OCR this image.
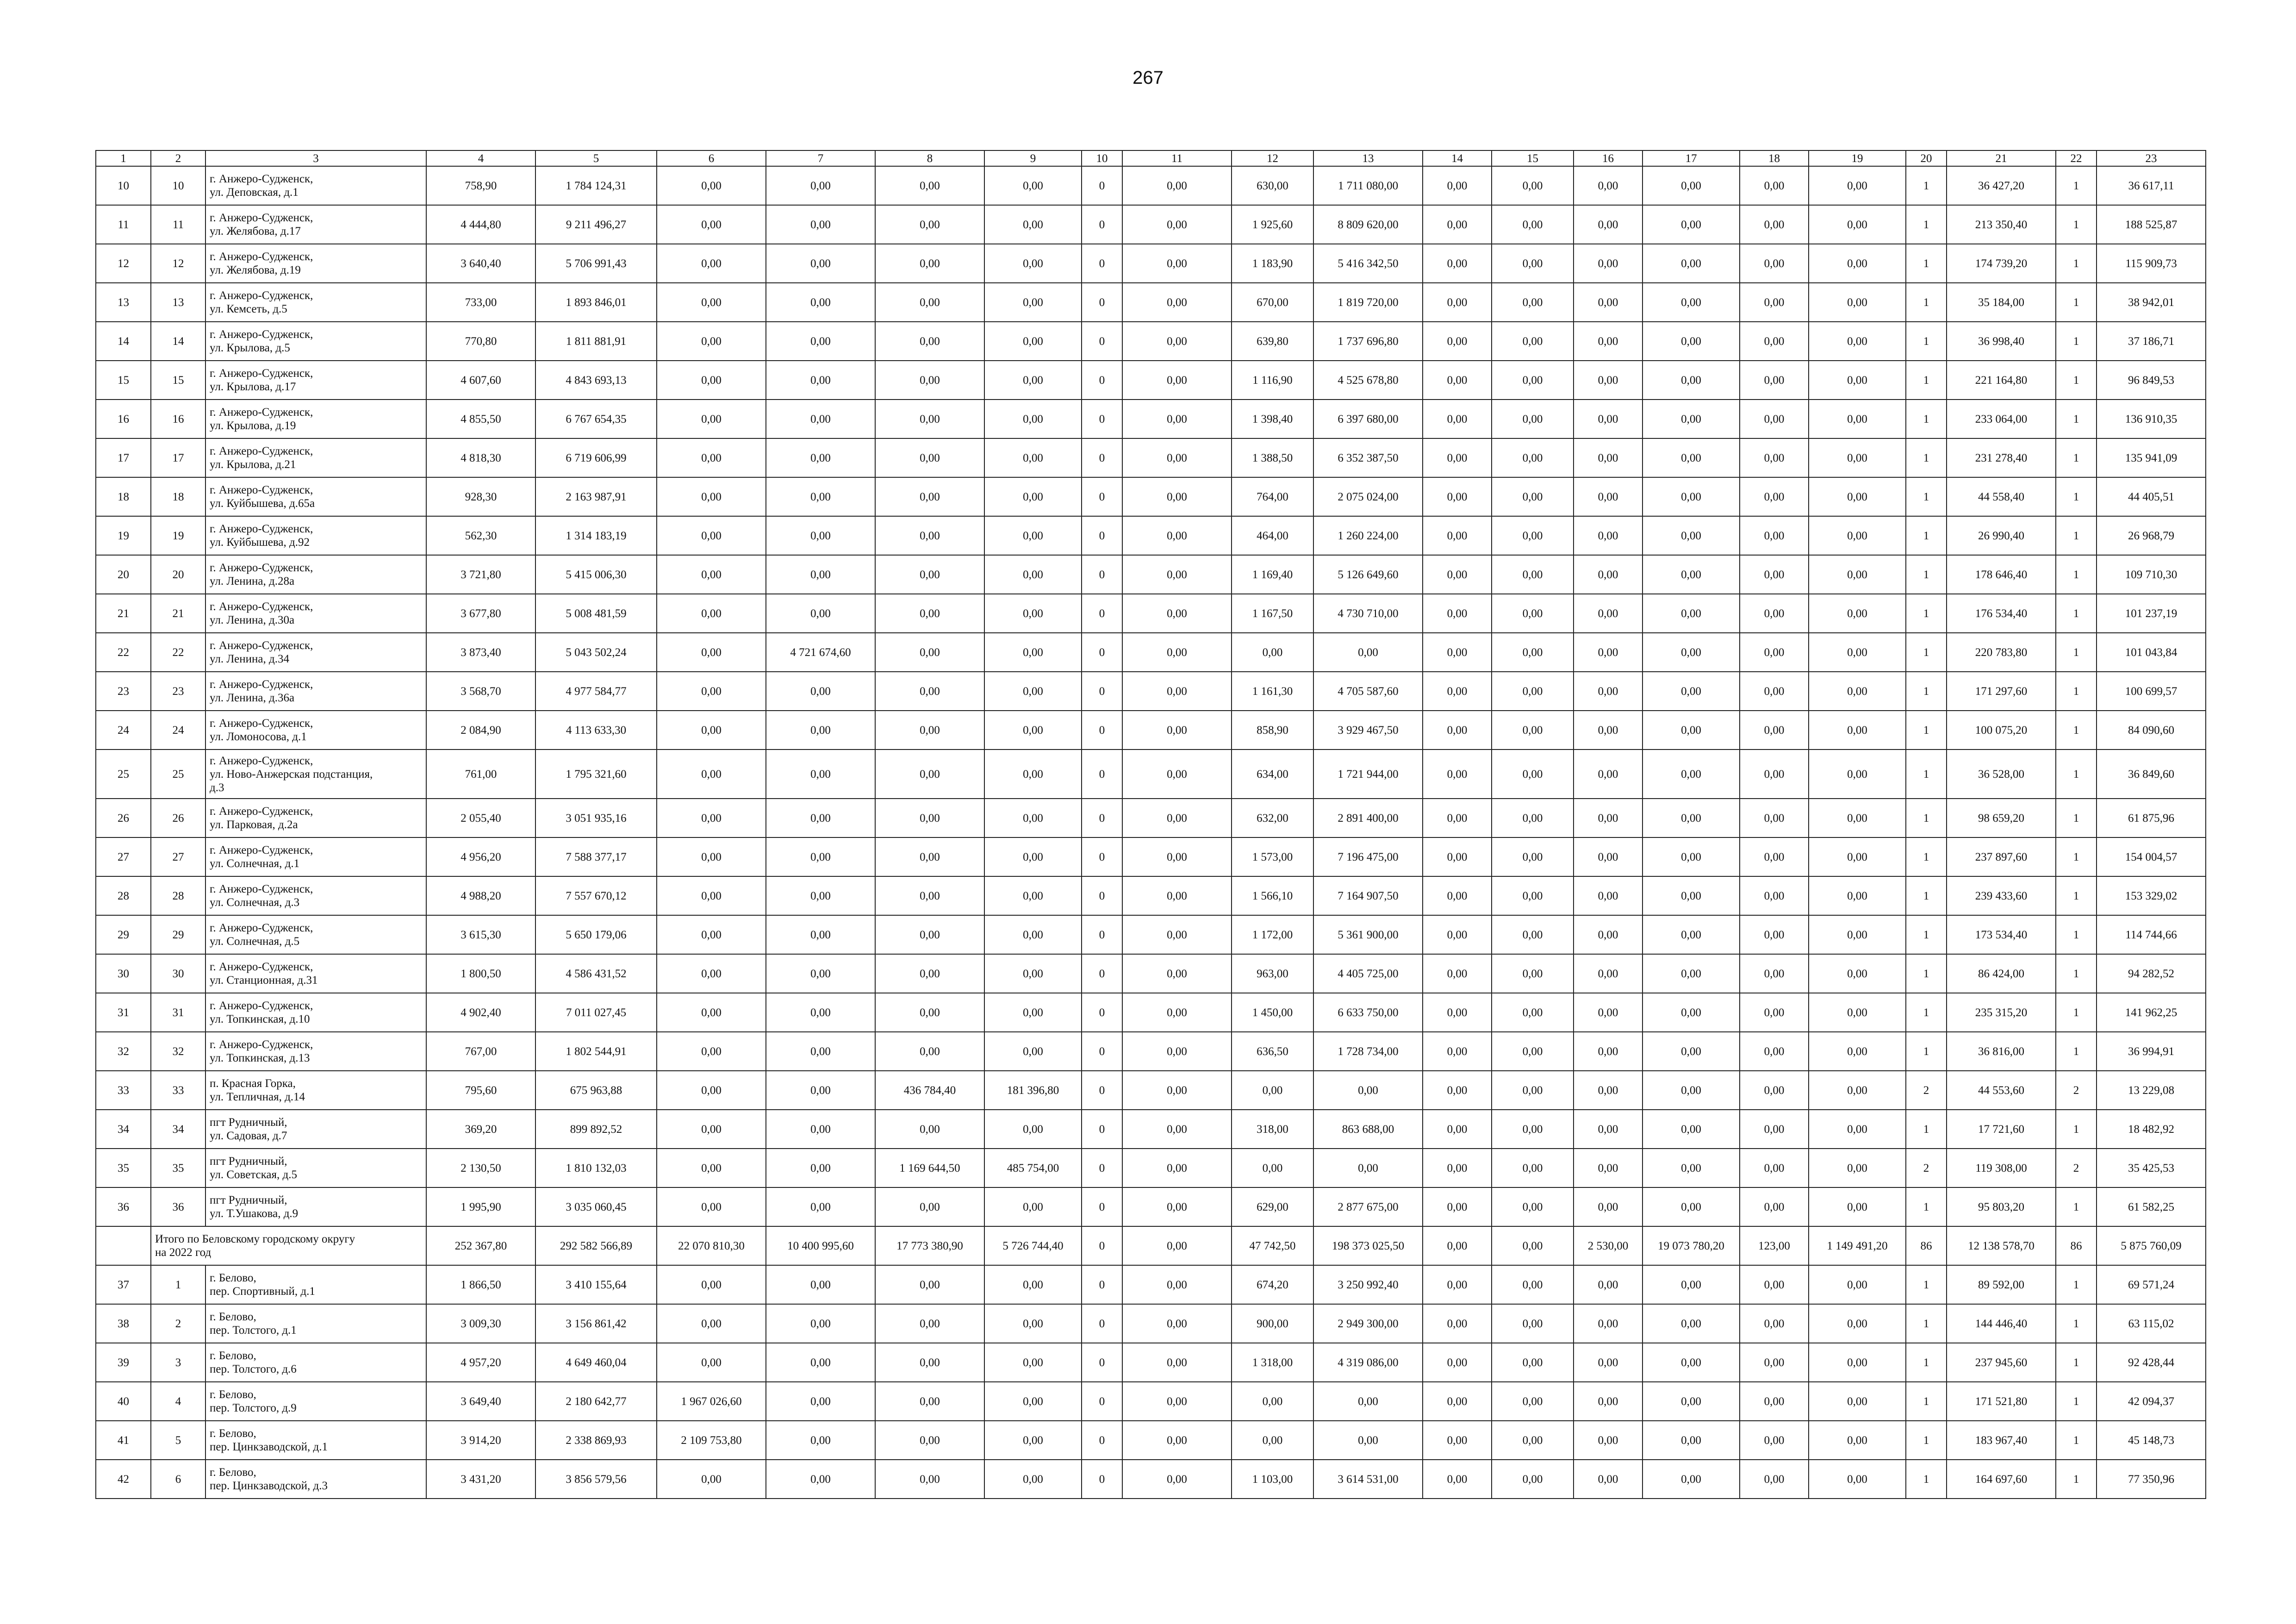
267
1	2	3	4	5	6	7	8	9	10	11	12	13	14	15	16	17	18	19	20	21	22	23
10	10	г. Анжеро-Судженск,
ул. Деповская, д.1	758,90	1 784 124,31	0,00	0,00	0,00	0,00	0	0,00	630,00	1 711 080,00	0,00	0,00	0,00	0,00	0,00	0,00	1	36 427,20	1	36 617,11
11	11	г. Анжеро-Судженск,
ул. Желябова, д.17	4 444,80	9 211 496,27	0,00	0,00	0,00	0,00	0	0,00	1 925,60	8 809 620,00	0,00	0,00	0,00	0,00	0,00	0,00	1	213 350,40	1	188 525,87
12	12	г. Анжеро-Судженск,
ул. Желябова, д.19	3 640,40	5 706 991,43	0,00	0,00	0,00	0,00	0	0,00	1 183,90	5 416 342,50	0,00	0,00	0,00	0,00	0,00	0,00	1	174 739,20	1	115 909,73
13	13	г. Анжеро-Судженск,
ул. Кемсеть, д.5	733,00	1 893 846,01	0,00	0,00	0,00	0,00	0	0,00	670,00	1 819 720,00	0,00	0,00	0,00	0,00	0,00	0,00	1	35 184,00	1	38 942,01
14	14	г. Анжеро-Судженск,
ул. Крылова, д.5	770,80	1 811 881,91	0,00	0,00	0,00	0,00	0	0,00	639,80	1 737 696,80	0,00	0,00	0,00	0,00	0,00	0,00	1	36 998,40	1	37 186,71
15	15	г. Анжеро-Судженск,
ул. Крылова, д.17	4 607,60	4 843 693,13	0,00	0,00	0,00	0,00	0	0,00	1 116,90	4 525 678,80	0,00	0,00	0,00	0,00	0,00	0,00	1	221 164,80	1	96 849,53
16	16	г. Анжеро-Судженск,
ул. Крылова, д.19	4 855,50	6 767 654,35	0,00	0,00	0,00	0,00	0	0,00	1 398,40	6 397 680,00	0,00	0,00	0,00	0,00	0,00	0,00	1	233 064,00	1	136 910,35
17	17	г. Анжеро-Судженск,
ул. Крылова, д.21	4 818,30	6 719 606,99	0,00	0,00	0,00	0,00	0	0,00	1 388,50	6 352 387,50	0,00	0,00	0,00	0,00	0,00	0,00	1	231 278,40	1	135 941,09
18	18	г. Анжеро-Судженск,
ул. Куйбышева, д.65а	928,30	2 163 987,91	0,00	0,00	0,00	0,00	0	0,00	764,00	2 075 024,00	0,00	0,00	0,00	0,00	0,00	0,00	1	44 558,40	1	44 405,51
19	19	г. Анжеро-Судженск,
ул. Куйбышева, д.92	562,30	1 314 183,19	0,00	0,00	0,00	0,00	0	0,00	464,00	1 260 224,00	0,00	0,00	0,00	0,00	0,00	0,00	1	26 990,40	1	26 968,79
20	20	г. Анжеро-Судженск,
ул. Ленина, д.28а	3 721,80	5 415 006,30	0,00	0,00	0,00	0,00	0	0,00	1 169,40	5 126 649,60	0,00	0,00	0,00	0,00	0,00	0,00	1	178 646,40	1	109 710,30
21	21	г. Анжеро-Судженск,
ул. Ленина, д.30а	3 677,80	5 008 481,59	0,00	0,00	0,00	0,00	0	0,00	1 167,50	4 730 710,00	0,00	0,00	0,00	0,00	0,00	0,00	1	176 534,40	1	101 237,19
22	22	г. Анжеро-Судженск,
ул. Ленина, д.34	3 873,40	5 043 502,24	0,00	4 721 674,60	0,00	0,00	0	0,00	0,00	0,00	0,00	0,00	0,00	0,00	0,00	0,00	1	220 783,80	1	101 043,84
23	23	г. Анжеро-Судженск,
ул. Ленина, д.36а	3 568,70	4 977 584,77	0,00	0,00	0,00	0,00	0	0,00	1 161,30	4 705 587,60	0,00	0,00	0,00	0,00	0,00	0,00	1	171 297,60	1	100 699,57
24	24	г. Анжеро-Судженск,
ул. Ломоносова, д.1	2 084,90	4 113 633,30	0,00	0,00	0,00	0,00	0	0,00	858,90	3 929 467,50	0,00	0,00	0,00	0,00	0,00	0,00	1	100 075,20	1	84 090,60
25	25	г. Анжеро-Судженск,
ул. Ново-Анжерская подстанция,
д.3	761,00	1 795 321,60	0,00	0,00	0,00	0,00	0	0,00	634,00	1 721 944,00	0,00	0,00	0,00	0,00	0,00	0,00	1	36 528,00	1	36 849,60
26	26	г. Анжеро-Судженск,
ул. Парковая, д.2а	2 055,40	3 051 935,16	0,00	0,00	0,00	0,00	0	0,00	632,00	2 891 400,00	0,00	0,00	0,00	0,00	0,00	0,00	1	98 659,20	1	61 875,96
27	27	г. Анжеро-Судженск,
ул. Солнечная, д.1	4 956,20	7 588 377,17	0,00	0,00	0,00	0,00	0	0,00	1 573,00	7 196 475,00	0,00	0,00	0,00	0,00	0,00	0,00	1	237 897,60	1	154 004,57
28	28	г. Анжеро-Судженск,
ул. Солнечная, д.3	4 988,20	7 557 670,12	0,00	0,00	0,00	0,00	0	0,00	1 566,10	7 164 907,50	0,00	0,00	0,00	0,00	0,00	0,00	1	239 433,60	1	153 329,02
29	29	г. Анжеро-Судженск,
ул. Солнечная, д.5	3 615,30	5 650 179,06	0,00	0,00	0,00	0,00	0	0,00	1 172,00	5 361 900,00	0,00	0,00	0,00	0,00	0,00	0,00	1	173 534,40	1	114 744,66
30	30	г. Анжеро-Судженск,
ул. Станционная, д.31	1 800,50	4 586 431,52	0,00	0,00	0,00	0,00	0	0,00	963,00	4 405 725,00	0,00	0,00	0,00	0,00	0,00	0,00	1	86 424,00	1	94 282,52
31	31	г. Анжеро-Судженск,
ул. Топкинская, д.10	4 902,40	7 011 027,45	0,00	0,00	0,00	0,00	0	0,00	1 450,00	6 633 750,00	0,00	0,00	0,00	0,00	0,00	0,00	1	235 315,20	1	141 962,25
32	32	г. Анжеро-Судженск,
ул. Топкинская, д.13	767,00	1 802 544,91	0,00	0,00	0,00	0,00	0	0,00	636,50	1 728 734,00	0,00	0,00	0,00	0,00	0,00	0,00	1	36 816,00	1	36 994,91
33	33	п. Красная Горка,
ул. Тепличная, д.14	795,60	675 963,88	0,00	0,00	436 784,40	181 396,80	0	0,00	0,00	0,00	0,00	0,00	0,00	0,00	0,00	0,00	2	44 553,60	2	13 229,08
34	34	пгт Рудничный,
ул. Садовая, д.7	369,20	899 892,52	0,00	0,00	0,00	0,00	0	0,00	318,00	863 688,00	0,00	0,00	0,00	0,00	0,00	0,00	1	17 721,60	1	18 482,92
35	35	пгт Рудничный,
ул. Советская, д.5	2 130,50	1 810 132,03	0,00	0,00	1 169 644,50	485 754,00	0	0,00	0,00	0,00	0,00	0,00	0,00	0,00	0,00	0,00	2	119 308,00	2	35 425,53
36	36	пгт Рудничный,
ул. Т.Ушакова, д.9	1 995,90	3 035 060,45	0,00	0,00	0,00	0,00	0	0,00	629,00	2 877 675,00	0,00	0,00	0,00	0,00	0,00	0,00	1	95 803,20	1	61 582,25
	Итого по Беловскому городскому округу
на 2022 год		252 367,80	292 582 566,89	22 070 810,30	10 400 995,60	17 773 380,90	5 726 744,40	0	0,00	47 742,50	198 373 025,50	0,00	0,00	2 530,00	19 073 780,20	123,00	1 149 491,20	86	12 138 578,70	86	5 875 760,09
37	1	г. Белово,
пер. Спортивный, д.1	1 866,50	3 410 155,64	0,00	0,00	0,00	0,00	0	0,00	674,20	3 250 992,40	0,00	0,00	0,00	0,00	0,00	0,00	1	89 592,00	1	69 571,24
38	2	г. Белово,
пер. Толстого, д.1	3 009,30	3 156 861,42	0,00	0,00	0,00	0,00	0	0,00	900,00	2 949 300,00	0,00	0,00	0,00	0,00	0,00	0,00	1	144 446,40	1	63 115,02
39	3	г. Белово,
пер. Толстого, д.6	4 957,20	4 649 460,04	0,00	0,00	0,00	0,00	0	0,00	1 318,00	4 319 086,00	0,00	0,00	0,00	0,00	0,00	0,00	1	237 945,60	1	92 428,44
40	4	г. Белово,
пер. Толстого, д.9	3 649,40	2 180 642,77	1 967 026,60	0,00	0,00	0,00	0	0,00	0,00	0,00	0,00	0,00	0,00	0,00	0,00	0,00	1	171 521,80	1	42 094,37
41	5	г. Белово,
пер. Цинкзаводской, д.1	3 914,20	2 338 869,93	2 109 753,80	0,00	0,00	0,00	0	0,00	0,00	0,00	0,00	0,00	0,00	0,00	0,00	0,00	1	183 967,40	1	45 148,73
42	6	г. Белово,
пер. Цинкзаводской, д.3	3 431,20	3 856 579,56	0,00	0,00	0,00	0,00	0	0,00	1 103,00	3 614 531,00	0,00	0,00	0,00	0,00	0,00	0,00	1	164 697,60	1	77 350,96
